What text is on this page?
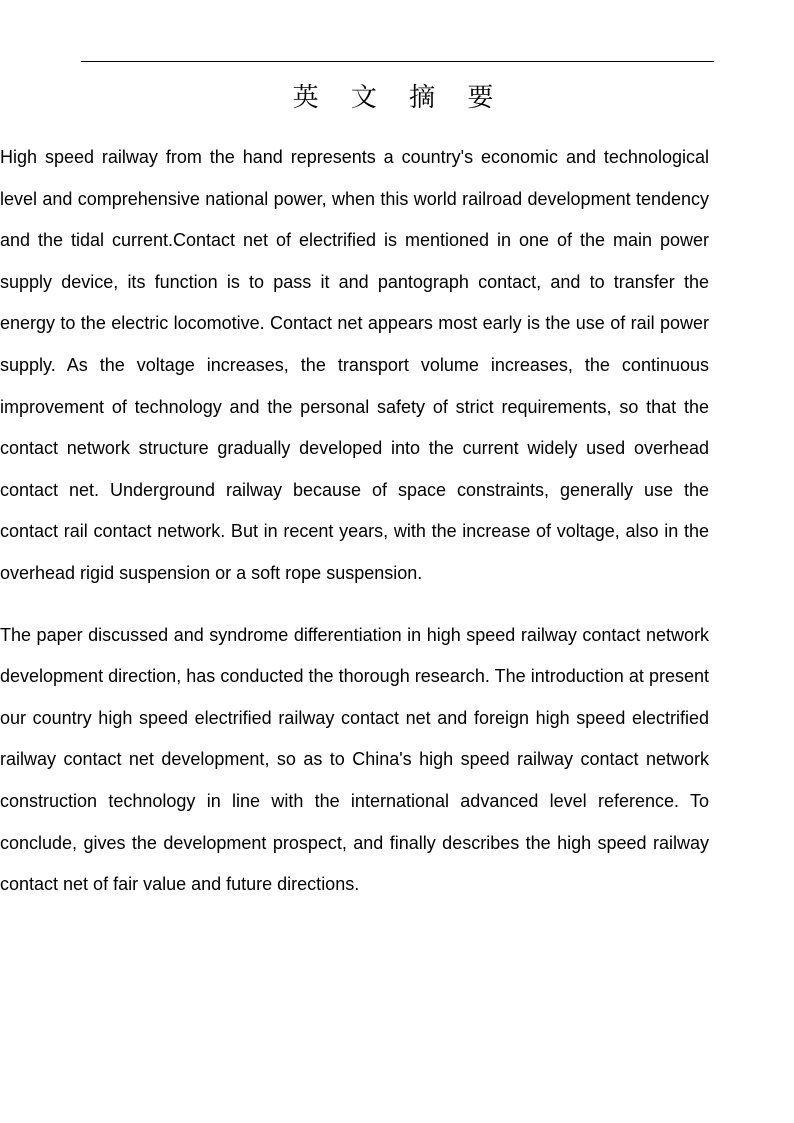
英 文 摘 要

High speed railway from the hand represents a country's economic and technological level and comprehensive national power, when this world railroad development tendency and the tidal current.Contact net of electrified is mentioned in one of the main power supply device, its function is to pass it and pantograph contact, and to transfer the energy to the electric locomotive. Contact net appears most early is the use of rail power supply. As the voltage increases, the transport volume increases, the continuous improvement of technology and the personal safety of strict requirements, so that the contact network structure gradually developed into the current widely used overhead contact net. Underground railway because of space constraints, generally use the contact rail contact network. But in recent years, with the increase of voltage, also in the overhead rigid suspension or a soft rope suspension.

The paper discussed and syndrome differentiation in high speed railway contact network development direction, has conducted the thorough research. The introduction at present our country high speed electrified railway contact net and foreign high speed electrified railway contact net development, so as to China's high speed railway contact network construction technology in line with the international advanced level reference. To conclude, gives the development prospect, and finally describes the high speed railway contact net of fair value and future directions.
